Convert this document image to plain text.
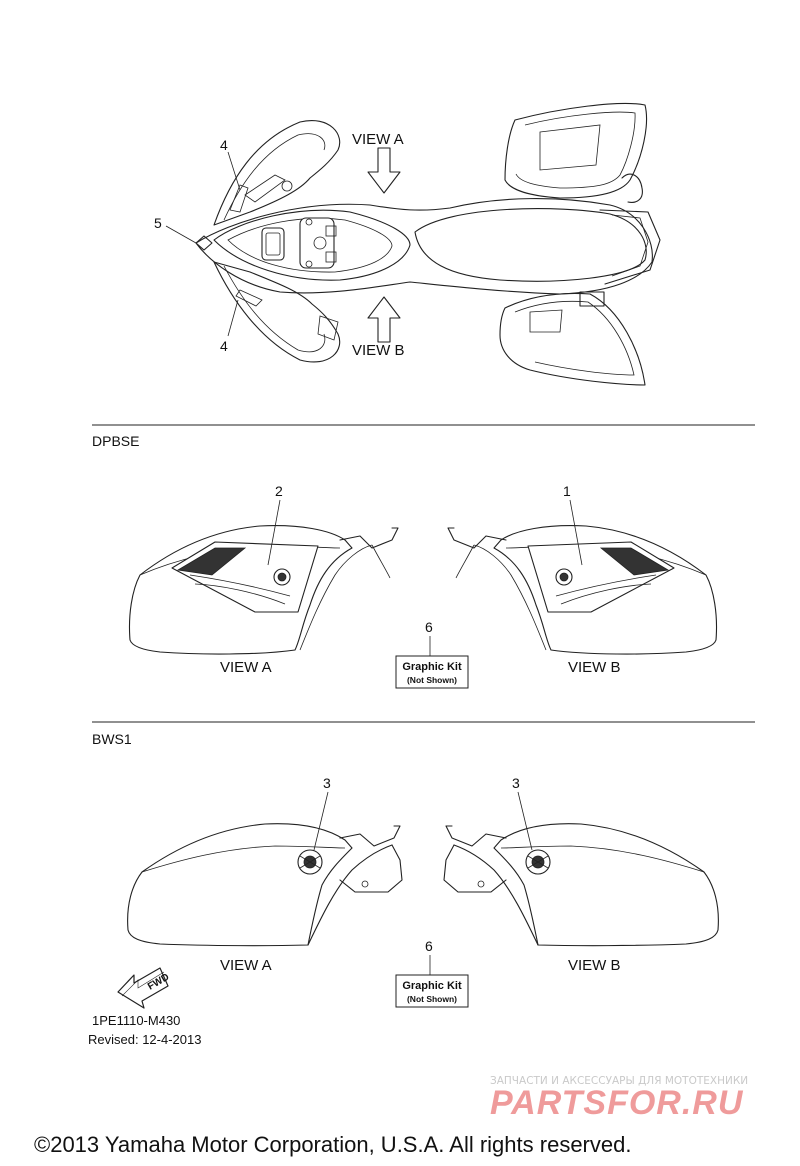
VIEW A
VIEW B
4
5
4
DPBSE
2	1
6
Graphic Kit
(Not Shown)
VIEW A	VIEW B
BWS1
3	3
6
Graphic Kit
(Not Shown)
VIEW A	VIEW B
FWD
1PE1110-M430
Revised: 12-4-2013
ЗАПЧАСТИ И АКСЕССУАРЫ ДЛЯ МОТОТЕХНИКИ
PARTSFOR.RU
©2013 Yamaha Motor Corporation, U.S.A. All rights reserved.
